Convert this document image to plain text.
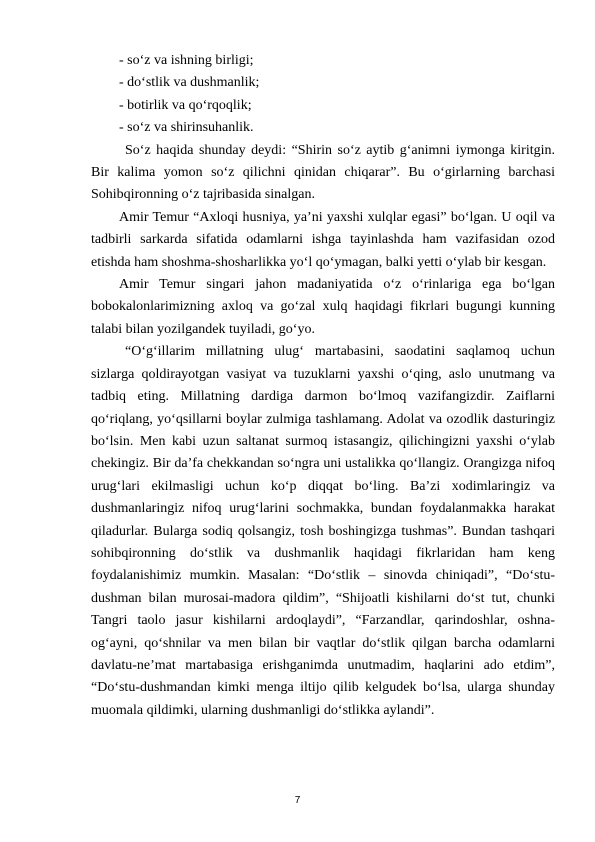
- so‘z va ishning birligi;

- do‘stlik va dushmanlik;

- botirlik va qo‘rqoqlik;

- so‘z va shirinsuhanlik.

So‘z haqida shunday deydi: “Shirin so‘z aytib g‘animni iymonga kiritgin. Bir kalima yomon so‘z qilichni qinidan chiqarar”. Bu o‘girlarning barchasi Sohibqironning o‘z tajribasida sinalgan.

Amir Temur “Axloqi husniya, ya’ni yaxshi xulqlar egasi” bo‘lgan. U oqil va tadbirli sarkarda sifatida odamlarni ishga tayinlashda ham vazifasidan ozod etishda ham shoshma-shosharlikka yo‘l qo‘ymagan, balki yetti o‘ylab bir kesgan.

Amir Temur singari jahon madaniyatida o‘z o‘rinlariga ega bo‘lgan bobokalonlarimizning axloq va go‘zal xulq haqidagi fikrlari bugungi kunning talabi bilan yozilgandek tuyiladi, go‘yo.

“O‘g‘illarim millatning ulug‘ martabasini, saodatini saqlamoq uchun sizlarga qoldirayotgan vasiyat va tuzuklarni yaxshi o‘qing, aslo unutmang va tadbiq eting. Millatning dardiga darmon bo‘lmoq vazifangizdir. Zaiflarni qo‘riqlang, yo‘qsillarni boylar zulmiga tashlamang. Adolat va ozodlik dasturingiz bo‘lsin. Men kabi uzun saltanat surmoq istasangiz, qilichingizni yaxshi o‘ylab chekingiz. Bir da’fa chekkandan so‘ngra uni ustalikka qo‘llangiz. Orangizga nifoq urug‘lari ekilmasligi uchun ko‘p diqqat bo‘ling. Ba’zi xodimlaringiz va dushmanlaringiz nifoq urug‘larini sochmakka, bundan foydalanmakka harakat qiladurlar. Bularga sodiq qolsangiz, tosh boshingizga tushmas”. Bundan tashqari sohibqironning do‘stlik va dushmanlik haqidagi fikrlaridan ham keng foydalanishimiz mumkin. Masalan: “Do‘stlik – sinovda chiniqadi”, “Do‘stu-dushman bilan murosai-madora qildim”, “Shijoatli kishilarni do‘st tut, chunki Tangri taolo jasur kishilarni ardoqlaydi”, “Farzandlar, qarindoshlar, oshna-og‘ayni, qo‘shnilar va men bilan bir vaqtlar do‘stlik qilgan barcha odamlarni davlatu-ne’mat martabasiga erishganimda unutmadim, haqlarini ado etdim”, “Do‘stu-dushmandan kimki menga iltijo qilib kelgudek bo‘lsa, ularga shunday muomala qildimki, ularning dushmanligi do‘stlikka aylandi”.

7
